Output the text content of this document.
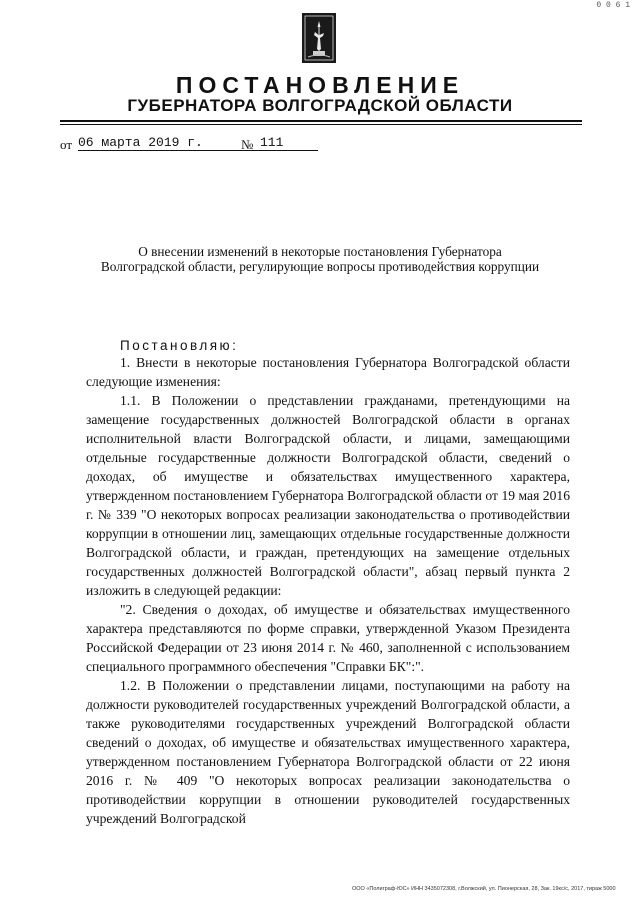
0 0 6 1
ПОСТАНОВЛЕНИЕ
ГУБЕРНАТОРА ВОЛГОГРАДСКОЙ ОБЛАСТИ
от 06 марта 2019 г.	№ 111
О внесении изменений в некоторые постановления Губернатора Волгоградской области, регулирующие вопросы противодействия коррупции
Постановляю:

1. Внести в некоторые постановления Губернатора Волгоградской области следующие изменения:

1.1. В Положении о представлении гражданами, претендующими на замещение государственных должностей Волгоградской области в органах исполнительной власти Волгоградской области, и лицами, замещающими отдельные государственные должности Волгоградской области, сведений о доходах, об имуществе и обязательствах имущественного характера, утвержденном постановлением Губернатора Волгоградской области от 19 мая 2016 г. № 339 "О некоторых вопросах реализации законодательства о противодействии коррупции в отношении лиц, замещающих отдельные государственные должности Волгоградской области, и граждан, претендующих на замещение отдельных государственных должностей Волгоградской области", абзац первый пункта 2 изложить в следующей редакции:

"2. Сведения о доходах, об имуществе и обязательствах имущественного характера представляются по форме справки, утвержденной Указом Президента Российской Федерации от 23 июня 2014 г. № 460, заполненной с использованием специального программного обеспечения "Справки БК":".

1.2. В Положении о представлении лицами, поступающими на работу на должности руководителей государственных учреждений Волгоградской области, а также руководителями государственных учреждений Волгоградской области сведений о доходах, об имуществе и обязательствах имущественного характера, утвержденном постановлением Губернатора Волгоградской области от 22 июня 2016 г. № 409 "О некоторых вопросах реализации законодательства о противодействии коррупции в отношении руководителей государственных учреждений Волгоградской

ООО «Полиграф-ЮС» ИНН 3435072308, г.Волжский, ул. Пионерская, 28, Зак. 19кс/с, 2017, тираж 5000
